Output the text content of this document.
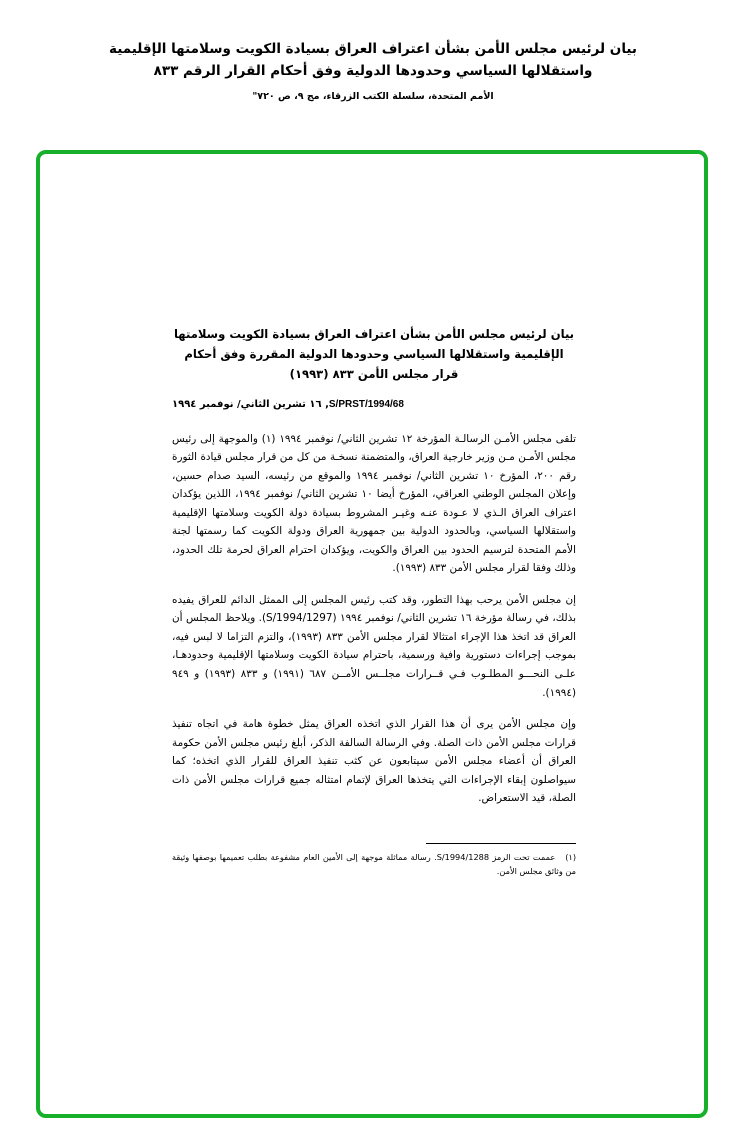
بيان لرئيس مجلس الأمن بشأن اعتراف العراق بسيادة الكويت وسلامتها الإقليمية
واستقلالها السياسي وحدودها الدولية وفق أحكام القرار الرقم ٨٣٣
الأمم المتحدة، سلسلة الكتب الزرقاء، مج ٩، ص ٧٢٠"

بيان لرئيس مجلس الأمن بشأن اعتراف العراق بسيادة الكويت وسلامتها الإقليمية واستقلالها السياسي وحدودها الدولية المقررة وفق أحكام قرار مجلس الأمن ٨٣٣ (١٩٩٣)

S/PRST/1994/68, ١٦ تشرين الثاني/ نوفمبر ١٩٩٤

تلقى مجلس الأمـن الرسالـة المؤرخة ١٢ تشرين الثاني/ نوفمبر ١٩٩٤ (١) والموجهة إلى رئيس مجلس الأمـن مـن وزير خارجية العراق، والمتضمنة نسخـة من كل من قرار مجلس قيادة الثورة رقم ٢٠٠، المؤرخ ١٠ تشرين الثاني/ نوفمبر ١٩٩٤ والموقع من رئيسه، السيد صدام حسين، وإعلان المجلس الوطني العراقي، المؤرخ أيضا ١٠ تشرين الثاني/ نوفمبر ١٩٩٤، اللذين يؤكدان اعتراف العراق الـذي لا عـودة عنـه وغيـر المشروط بسيادة دولة الكويت وسلامتها الإقليمية واستقلالها السياسي، وبالحدود الدولية بين جمهورية العراق ودولة الكويت كما رسمتها لجنة الأمم المتحدة لترسيم الحدود بين العراق والكويت، ويؤكدان احترام العراق لحرمة تلك الحدود، وذلك وفقا لقرار مجلس الأمن ٨٣٣ (١٩٩٣).

إن مجلس الأمن يرحب بهذا التطور، وقد كتب رئيس المجلس إلى الممثل الدائم للعراق يفيده بذلك، في رسالة مؤرخة ١٦ تشرين الثاني/ نوفمبر ١٩٩٤ (S/1994/1297). ويلاحظ المجلس أن العراق قد اتخذ هذا الإجراء امتثالا لقرار مجلس الأمن ٨٣٣ (١٩٩٣)، والتزم التزاما لا لبس فيه، بموجب إجراءات دستورية وافية ورسمية، باحترام سيادة الكويت وسلامتها الإقليمية وحدودهـا، علـى النحـــو المطلـوب فـي قــرارات مجلــس الأمــن ٦٨٧ (١٩٩١) و ٨٣٣ (١٩٩٣) و ٩٤٩ (١٩٩٤).

وإن مجلس الأمن يرى أن هذا القرار الذي اتخذه العراق يمثل خطوة هامة في اتجاه تنفيذ قرارات مجلس الأمن ذات الصلة. وفي الرسالة السالفة الذكر، أبلغ رئيس مجلس الأمن حكومة العراق أن أعضاء مجلس الأمن سيتابعون عن كثب تنفيذ العراق للقرار الذي اتخذه؛ كما سيواصلون إبقاء الإجراءات التي يتخذها العراق لإتمام امتثاله جميع قرارات مجلس الأمن ذات الصلة، قيد الاستعراض.

(١)   عممت تحت الرمز S/1994/1288. رسالة مماثلة موجهة إلى الأمين العام مشفوعة بطلب تعميمها بوصفها وثيقة من وثائق مجلس الأمن.
